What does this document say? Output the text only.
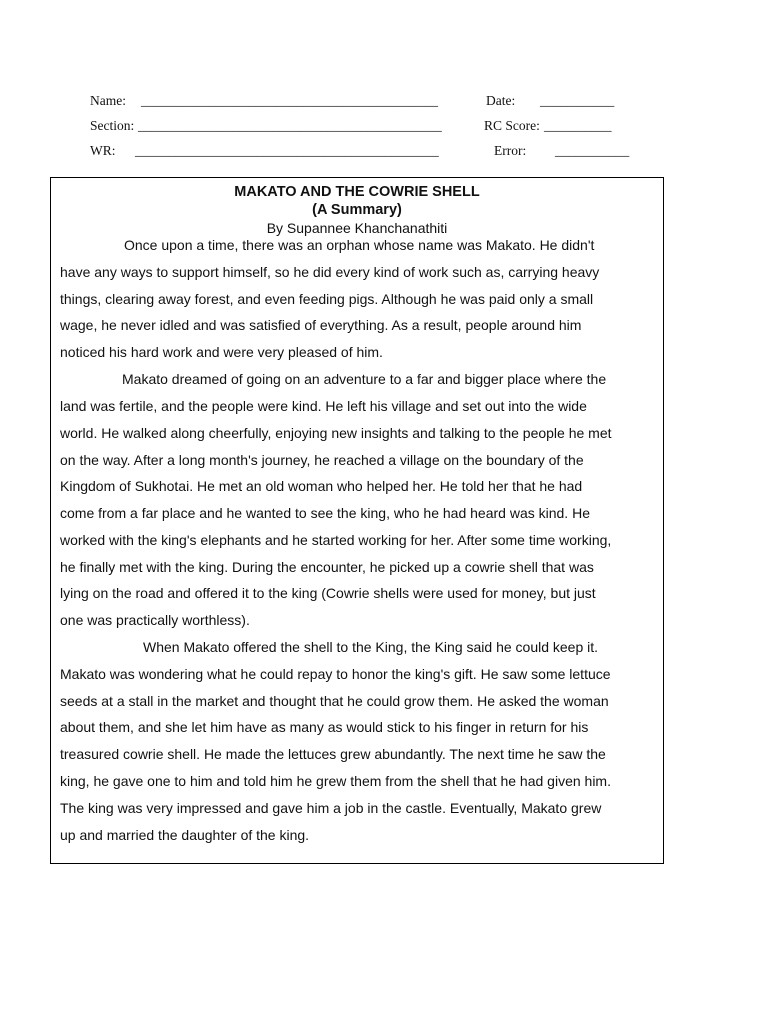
Name: ____________________________________________	Date: ___________
Section: _____________________________________________	RC Score: __________
WR: _____________________________________________	Error: ___________
MAKATO AND THE COWRIE SHELL
(A Summary)
By Supannee Khanchanathiti
Once upon a time, there was an orphan whose name was Makato. He didn't
have any ways to support himself, so he did every kind of work such as, carrying heavy
things, clearing away forest, and even feeding pigs. Although he was paid only a small
wage, he never idled and was satisfied of everything. As a result, people around him
noticed his hard work and were very pleased of him.
Makato dreamed of going on an adventure to a far and bigger place where the
land was fertile, and the people were kind. He left his village and set out into the wide
world. He walked along cheerfully, enjoying new insights and talking to the people he met
on the way. After a long month's journey, he reached a village on the boundary of the
Kingdom of Sukhotai. He met an old woman who helped her. He told her that he had
come from a far place and he wanted to see the king, who he had heard was kind. He
worked with the king's elephants and he started working for her. After some time working,
he finally met with the king. During the encounter, he picked up a cowrie shell that was
lying on the road and offered it to the king (Cowrie shells were used for money, but just
one was practically worthless).
When Makato offered the shell to the King, the King said he could keep it.
Makato was wondering what he could repay to honor the king's gift. He saw some lettuce
seeds at a stall in the market and thought that he could grow them. He asked the woman
about them, and she let him have as many as would stick to his finger in return for his
treasured cowrie shell. He made the lettuces grew abundantly. The next time he saw the
king, he gave one to him and told him he grew them from the shell that he had given him.
The king was very impressed and gave him a job in the castle. Eventually, Makato grew
up and married the daughter of the king.
